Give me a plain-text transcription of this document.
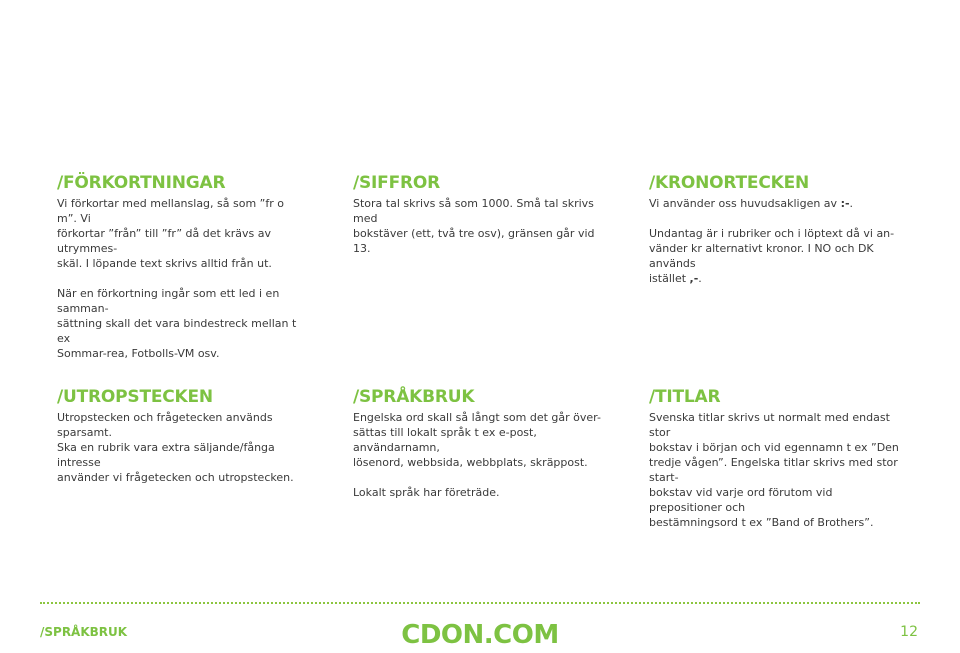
/FÖRKORTNINGAR

Vi förkortar med mellanslag, så som ”fr o m”. Vi
förkortar ”från” till ”fr” då det krävs av utrymmes-
skäl. I löpande text skrivs alltid från ut.

När en förkortning ingår som ett led i en samman-
sättning skall det vara bindestreck mellan t ex
Sommar-rea, Fotbolls-VM osv.

/SIFFROR

Stora tal skrivs så som 1000. Små tal skrivs med
bokstäver (ett, två tre osv), gränsen går vid 13.

/KRONORTECKEN

Vi använder oss huvudsakligen av :-.

Undantag är i rubriker och i löptext då vi an-
vänder kr alternativt kronor. I NO och DK används
istället ,-.

/UTROPSTECKEN

Utropstecken och frågetecken används sparsamt.
Ska en rubrik vara extra säljande/fånga intresse
använder vi frågetecken och utropstecken.

/SPRÅKBRUK

Engelska ord skall så långt som det går över-
sättas till lokalt språk t ex e-post, användarnamn,
lösenord, webbsida, webbplats, skräppost.

Lokalt språk har företräde.

/TITLAR

Svenska titlar skrivs ut normalt med endast stor
bokstav i början och vid egennamn t ex ”Den
tredje vågen”. Engelska titlar skrivs med stor start-
bokstav vid varje ord förutom vid prepositioner och
bestämningsord t ex ”Band of Brothers”.

/SPRÅKBRUK	CDON.COM	12
